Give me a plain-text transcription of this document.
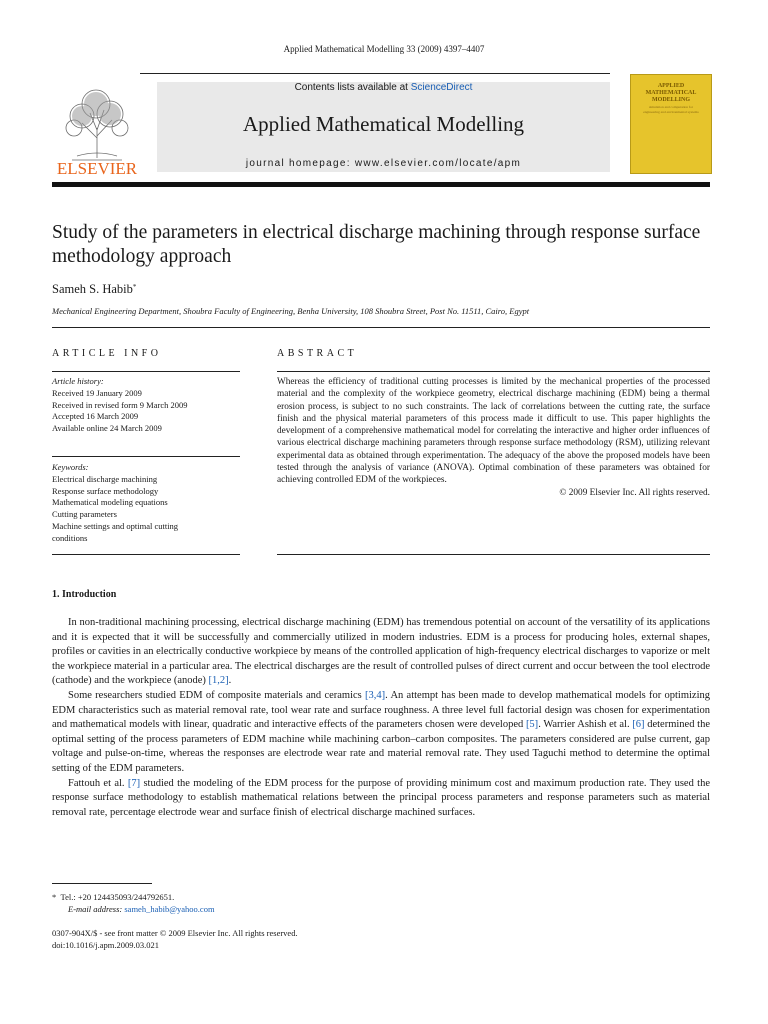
Applied Mathematical Modelling 33 (2009) 4397–4407
ELSEVIER
Contents lists available at ScienceDirect
Applied Mathematical Modelling
journal homepage: www.elsevier.com/locate/apm
APPLIED MATHEMATICAL MODELLING
simulation and computation for engineering and environmental systems
Study of the parameters in electrical discharge machining through response surface methodology approach
Sameh S. Habib*
Mechanical Engineering Department, Shoubra Faculty of Engineering, Benha University, 108 Shoubra Street, Post No. 11511, Cairo, Egypt
ARTICLE INFO
Article history:
Received 19 January 2009
Received in revised form 9 March 2009
Accepted 16 March 2009
Available online 24 March 2009
Keywords:
Electrical discharge machining
Response surface methodology
Mathematical modeling equations
Cutting parameters
Machine settings and optimal cutting
conditions
ABSTRACT
Whereas the efficiency of traditional cutting processes is limited by the mechanical properties of the processed material and the complexity of the workpiece geometry, electrical discharge machining (EDM) being a thermal erosion process, is subject to no such constraints. The lack of correlations between the cutting rate, the surface finish and the physical material parameters of this process made it difficult to use. This paper highlights the development of a comprehensive mathematical model for correlating the interactive and higher order influences of various electrical discharge machining parameters through response surface methodology (RSM), utilizing relevant experimental data as obtained through experimentation. The adequacy of the above the proposed models have been tested through the analysis of variance (ANOVA). Optimal combination of these parameters was obtained for achieving controlled EDM of the workpieces.
© 2009 Elsevier Inc. All rights reserved.
1. Introduction

In non-traditional machining processing, electrical discharge machining (EDM) has tremendous potential on account of the versatility of its applications and it is expected that it will be successfully and commercially utilized in modern industries. EDM is a process for producing holes, external shapes, profiles or cavities in an electrically conductive workpiece by means of the controlled application of high-frequency electrical discharges to vaporize or melt the workpiece material in a particular area. The electrical discharges are the result of controlled pulses of direct current and occur between the tool electrode (cathode) and the workpiece (anode) [1,2].

Some researchers studied EDM of composite materials and ceramics [3,4]. An attempt has been made to develop mathematical models for optimizing EDM characteristics such as material removal rate, tool wear rate and surface roughness. A three level full factorial design was chosen for experimentation and mathematical models with linear, quadratic and interactive effects of the parameters chosen were developed [5]. Warrier Ashish et al. [6] determined the optimal setting of the process parameters of EDM machine while machining carbon–carbon composites. The parameters considered are pulse current, gap voltage and pulse-on-time, whereas the responses are electrode wear rate and material removal rate. They used Taguchi method to determine the optimal setting of the EDM parameters.

Fattouh et al. [7] studied the modeling of the EDM process for the purpose of providing minimum cost and maximum production rate. They used the response surface methodology to establish mathematical relations between the principal process parameters and response parameters such as material removal rate, percentage electrode wear and surface finish of electrical discharge machined surfaces.

* Tel.: +20 124435093/244792651.
E-mail address: sameh_habib@yahoo.com
0307-904X/$ - see front matter © 2009 Elsevier Inc. All rights reserved.
doi:10.1016/j.apm.2009.03.021
